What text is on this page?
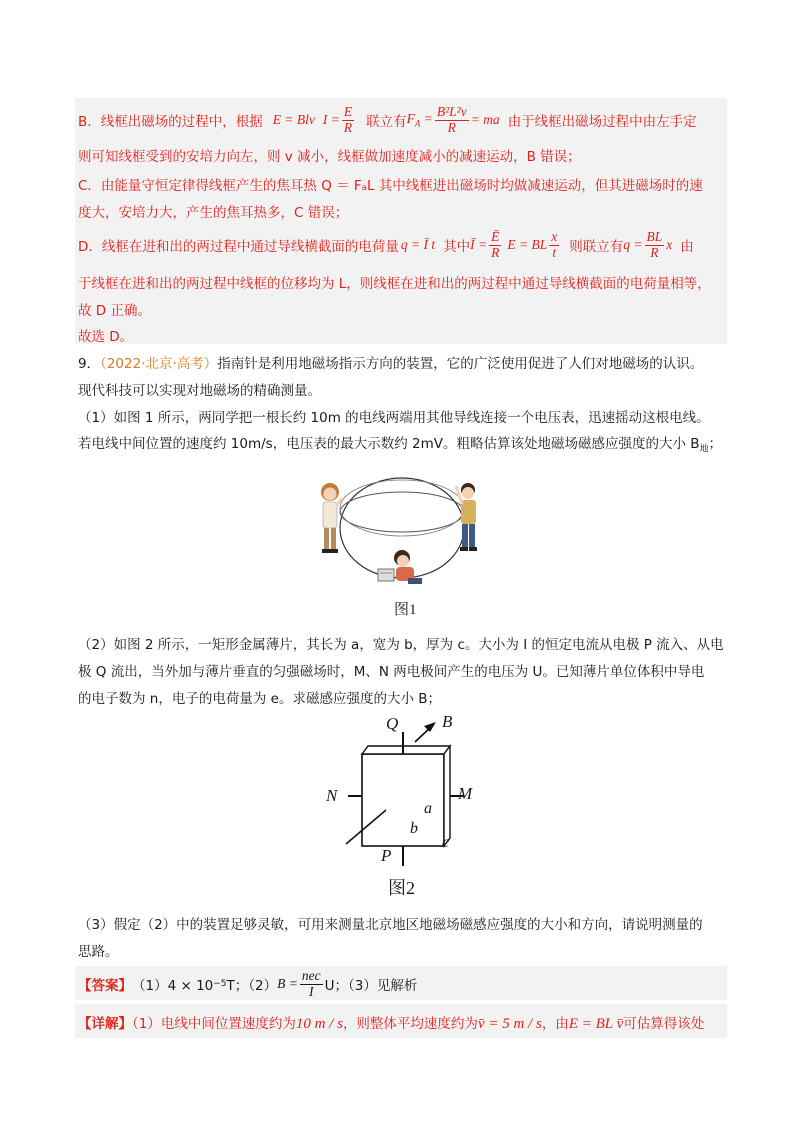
B．线框出磁场的过程中，根据 E = Blv $I = \frac{E}{R}$ 联立有 $F_A = \frac{\text{B²L²v}}{R}$ = ma 由于线框出磁场过程中由左手定
则可知线框受到的安培力向左，则 v 减小，线框做加速度减小的减速运动，B 错误；
C．由能量守恒定律得线框产生的焦耳热 Q ＝ FₐL 其中线框进出磁场时均做减速运动，但其进磁场时的速
度大，安培力大，产生的焦耳热多，C 错误；
D．线框在进和出的两过程中通过导线横截面的电荷量 q = Ī t 其中 Ī = $\frac{Ē}{R}$ E = BL $\frac{x}{t}$ 则联立有 $q = \frac{BL}{R}$ x 由
于线框在进和出的两过程中线框的位移均为 L，则线框在进和出的两过程中通过导线横截面的电荷量相等，
故 D 正确。
故选 D。
9．（2022·北京·高考）指南针是利用地磁场指示方向的装置，它的广泛使用促进了人们对地磁场的认识。
现代科技可以实现对地磁场的精确测量。
（1）如图 1 所示，两同学把一根长约 10m 的电线两端用其他导线连接一个电压表，迅速摇动这根电线。
若电线中间位置的速度约 10m/s，电压表的最大示数约 2mV。粗略估算该处地磁场磁感应强度的大小 $B_地$；
图1
（2）如图 2 所示，一矩形金属薄片，其长为 a，宽为 b，厚为 c。大小为 I 的恒定电流从电极 P 流入、从电
极 Q 流出，当外加与薄片垂直的匀强磁场时，M、N 两电极间产生的电压为 U。已知薄片单位体积中导电
的电子数为 n，电子的电荷量为 e。求磁感应强度的大小 B；
Q	B
N	M
a
b
c
P
图2
（3）假定（2）中的装置足够灵敏，可用来测量北京地区地磁场磁感应强度的大小和方向，请说明测量的
思路。
【答案】 （1）4 × 10 −5 T；（2） $B = \frac{\text{nec}}{I}$ U；（3）见解析
【详解】（1）电线中间位置速度约为10 m / s，则整体平均速度约为v̄ = 5 m / s，由E = BL v̄可估算得该处
